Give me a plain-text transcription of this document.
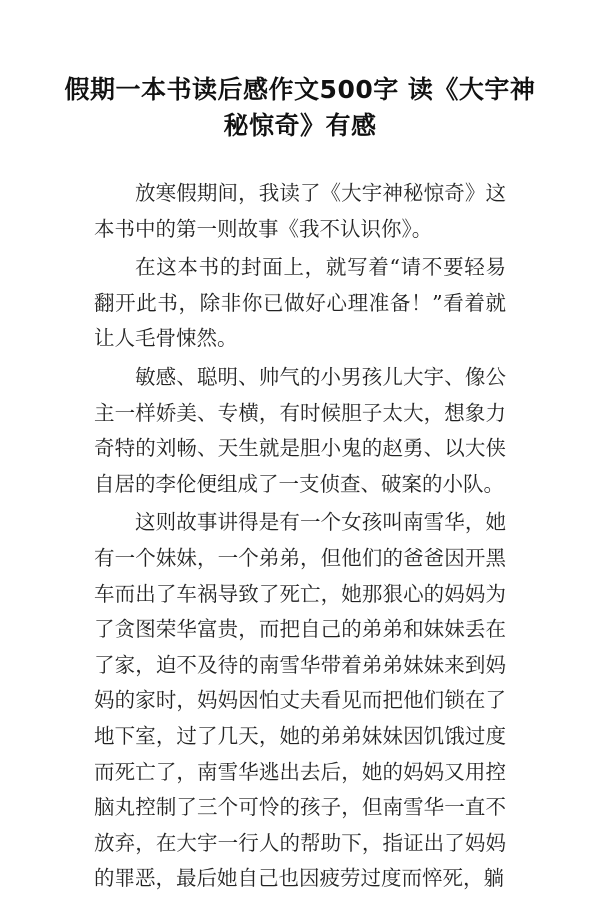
假期一本书读后感作文500字 读《大宇神秘惊奇》有感

放寒假期间，我读了《大宇神秘惊奇》这本书中的第一则故事《我不认识你》。

在这本书的封面上，就写着“请不要轻易翻开此书，除非你已做好心理准备！”看着就让人毛骨悚然。

敏感、聪明、帅气的小男孩儿大宇、像公主一样娇美、专横，有时候胆子太大，想象力奇特的刘畅、天生就是胆小鬼的赵勇、以大侠自居的李伦便组成了一支侦查、破案的小队。

这则故事讲得是有一个女孩叫南雪华，她有一个妹妹，一个弟弟，但他们的爸爸因开黑车而出了车祸导致了死亡，她那狠心的妈妈为了贪图荣华富贵，而把自己的弟弟和妹妹丢在了家，迫不及待的南雪华带着弟弟妹妹来到妈妈的家时，妈妈因怕丈夫看见而把他们锁在了地下室，过了几天，她的弟弟妹妹因饥饿过度而死亡了，南雪华逃出去后，她的妈妈又用控脑丸控制了三个可怜的孩子，但南雪华一直不放弃，在大宇一行人的帮助下，指证出了妈妈的罪恶，最后她自己也因疲劳过度而悴死，躺
